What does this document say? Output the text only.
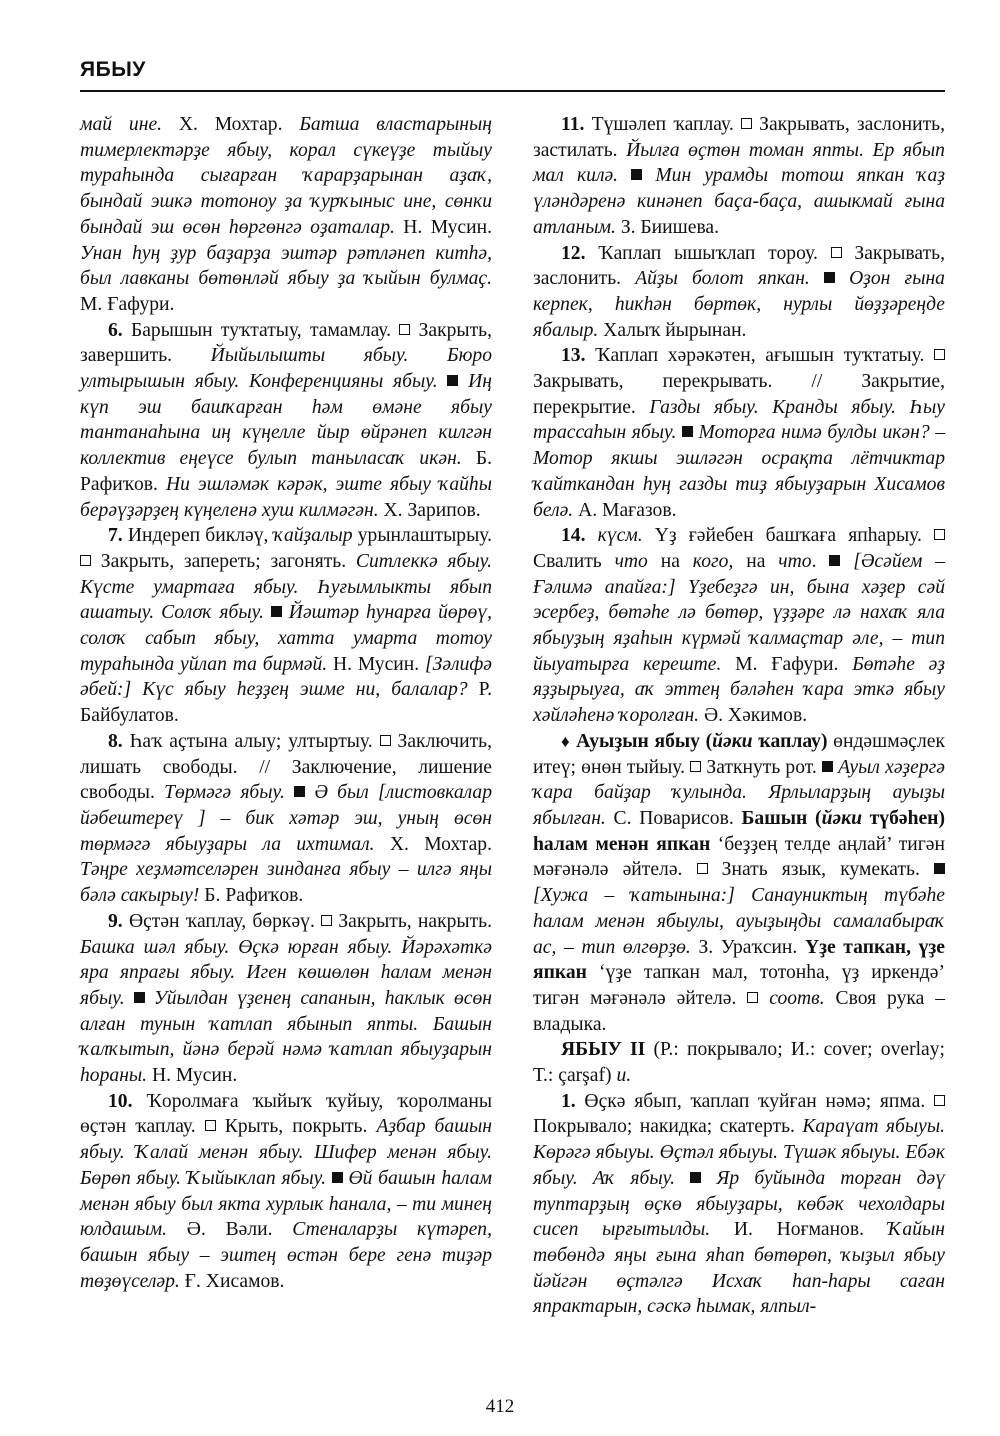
ЯБЫУ

май ине. Х. Мохтар. Батша властарының тимерлектәрҙе ябыу, корал сүкеүҙе тыйыу тураһында сығарған ҡарарҙарынан аҙаҡ, бындай эшкә тотоноу ҙа ҡурҡыныс ине, сөнки бындай эш өсөн һөргөнгә оҙаталар. Н. Мусин. Унан һуң ҙур баҙарҙа эштәр рәтләнеп китһә, был лавканы бөтөнләй ябыу ҙа ҡыйын булмаҫ. М. Ғафури.

6. Барышын туҡтатыу, тамамлау.  Закрыть, завершить. Йыйылышты ябыу. Бюро ултырышын ябыу. Конференцияны ябыу.  Иң күп эш башҡарған һәм өмәне ябыу тантанаһына иң күңелле йыр өйрәнеп килгән коллектив еңеүсе булып таныласаҡ икән. Б. Рафиҡов. Ни эшләмәк кәрәк, эште ябыу ҡайһы берәүҙәрҙең күңеленә хуш килмәгән. Х. Зарипов.

7. Индереп бикләү, ҡайҙалыр урынлаштырыу.  Закрыть, запереть; загонять. Ситлеккә ябыу. Күсте умартаға ябыу. Һуғымлыкты ябып ашатыу. Солоҡ ябыу.  Йәштәр һунарға йөрөү, солоҡ сабып ябыу, хатта умарта тотоу тураһында уйлап та бирмәй. Н. Мусин. [Зәлифә әбей:] Күс ябыу һеҙҙең эшме ни, балалар? Р. Байбулатов.

8. Һаҡ аҫтына алыу; ултыртыу.  Заключить, лишать свободы. // Заключение, лишение свободы. Төрмәгә ябыу.  Ә был [листовкалар йәбештереү ] – бик хәтәр эш, уның өсөн төрмәгә ябыуҙары ла ихтимал. Х. Мохтар. Тәңре хеҙмәтселәрен зинданға ябыу – илгә яңы бәлә сакырыу! Б. Рафиҡов.

9. Өҫтән ҡаплау, бөркәү.  Закрыть, накрыть. Башка шәл ябыу. Өҫкә юрған ябыу. Йәрәхәткә яра япрағы ябыу. Иген көшөлөн һалам менән ябыу.  Уйылдан үҙенең сапанын, һаклык өсөн алған тунын ҡатлап ябынып япты. Башын ҡалҡытып, йәнә берәй нәмә ҡатлап ябыуҙарын һораны. Н. Мусин.

10. Ҡоролмаға ҡыйыҡ ҡуйыу, ҡоролманы өҫтән ҡаплау.  Крыть, покрыть. Аҙбар башын ябыу. Ҡалай менән ябыу. Шифер менән ябыу. Бөрөп ябыу. Ҡыйыклап ябыу.  Өй башын һалам менән ябыу был якта хурлык һанала, – ти минең юлдашым. Ә. Вәли. Стеналарҙы күтәреп, башын ябыу – эштең өстән бере генә тиҙәр төҙөүселәр. Ғ. Хисамов.

11. Түшәлеп ҡаплау.  Закрывать, заслонить, застилать. Йылға өҫтөн томан япты. Ер ябып мал килә.  Мин урамды тотош япкан ҡаҙ үләндәренә кинәнеп баҫа-баҫа, ашыкмай ғына атланым. З. Биишева.

12. Ҡаплап ышыҡлап тороу.  Закрывать, заслонить. Айҙы болот япкан.  Оҙон ғына керпек, һикһән бөртөк, нурлы йөҙҙәреңде ябалыр. Халыҡ йырынан.

13. Ҡаплап хәрәкәтен, ағышын туҡтатыу.  Закрывать, перекрывать. // Закрытие, перекрытие. Газды ябыу. Кранды ябыу. Һыу трассаһын ябыу.  Моторға нимә булды икән? – Мотор якшы эшләгән осрақта лётчиктар ҡайткандан һуң газды тиҙ ябыуҙарын Хисамов белә. А. Мағазов.

14. күсм. Үҙ ғәйебен башҡаға япһарыу.  Свалить что на кого, на что.  [Әсәйем – Ғәлимә апайға:] Үҙебеҙгә ин, бына хәҙер сәй эсербеҙ, бөтәһе лә бөтөр, үҙҙәре лә нахаҡ яла ябыуҙың яҙаһын күрмәй ҡалмаҫтар әле, – тип йыуатырға кереште. М. Ғафури. Бөтәһе әҙ яҙҙырыуға, аҡ эттең бәләһен ҡара эткә ябыу хәйләһенә ҡоролған. Ә. Хәкимов.

♦ Ауыҙын ябыу (йәки ҡаплау) өндәшмәҫлек итеү; өнөн тыйыу.  Заткнуть рот.  Ауыл хәҙергә ҡара байҙар ҡулында. Ярлыларҙың ауыҙы ябылған. С. Поварисов. Башын (йәки түбәһен) һалам менән япкан ‘беҙҙең телде аңлай’ тигән мәғәнәлә әйтелә.  Знать язык, кумекать.  [Хужа – ҡатынына:] Санауниктың түбәһе һалам менән ябыулы, ауыҙыңды самалабыраҡ ас, – тип өлгөрҙө. З. Ураҡсин. Үҙе тапкан, үҙе япкан ‘үҙе тапкан мал, тотонһа, үҙ иркендә’ тигән мәғәнәлә әйтелә.  соотв. Своя рука – владыка.

ЯБЫУ II (Р.: покрывало; И.: cover; overlay; Т.: çarşaf) и.

1. Өҫкә ябып, ҡаплап ҡуйған нәмә; япма.  Покрывало; накидка; скатерть. Караүат ябыуы. Көрәгә ябыуы. Өҫтәл ябыуы. Түшәк ябыуы. Ебәк ябыу. Аҡ ябыу.  Яр буйында торған дәү туптарҙың өҫкө ябыуҙары, көбәк чехолдары сисеп ырғытылды. И. Ноғманов. Ҡайын төбөндә яңы ғына яһап бөтөрөп, ҡыҙыл ябыу йәйгән өҫтәлгә Исхаҡ һап-һары саған япрактарын, сәскә һымак, ялпыл-

412
